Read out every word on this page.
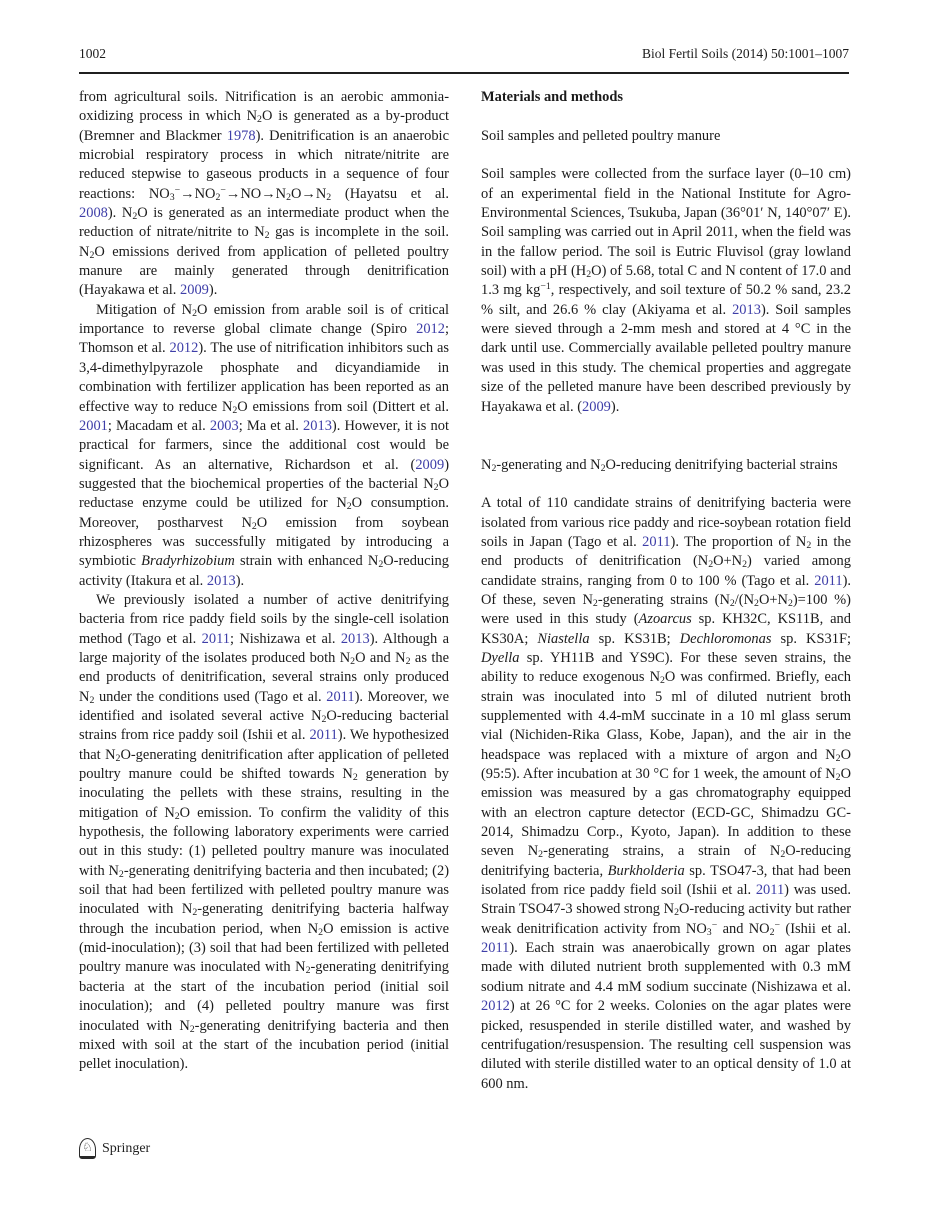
1002	Biol Fertil Soils (2014) 50:1001–1007

from agricultural soils. Nitrification is an aerobic ammonia-oxidizing process in which $N_2O$ is generated as a by-product (Bremner and Blackmer 1978). Denitrification is an anaerobic microbial respiratory process in which nitrate/nitrite are reduced stepwise to gaseous products in a sequence of four reactions: $NO_3^-\to NO_2^-\to NO\to N_2O\to N_2$ (Hayatsu et al. 2008). $N_2O$ is generated as an intermediate product when the reduction of nitrate/nitrite to $N_2$ gas is incomplete in the soil. $N_2O$ emissions derived from application of pelleted poultry manure are mainly generated through denitrification (Hayakawa et al. 2009).

Mitigation of $N_2O$ emission from arable soil is of critical importance to reverse global climate change (Spiro 2012; Thomson et al. 2012). The use of nitrification inhibitors such as 3,4-dimethylpyrazole phosphate and dicyandiamide in combination with fertilizer application has been reported as an effective way to reduce $N_2O$ emissions from soil (Dittert et al. 2001; Macadam et al. 2003; Ma et al. 2013). However, it is not practical for farmers, since the additional cost would be significant. As an alternative, Richardson et al. (2009) suggested that the biochemical properties of the bacterial $N_2O$ reductase enzyme could be utilized for $N_2O$ consumption. Moreover, postharvest $N_2O$ emission from soybean rhizospheres was successfully mitigated by introducing a symbiotic Bradyrhizobium strain with enhanced $N_2O$-reducing activity (Itakura et al. 2013).

We previously isolated a number of active denitrifying bacteria from rice paddy field soils by the single-cell isolation method (Tago et al. 2011; Nishizawa et al. 2013). Although a large majority of the isolates produced both $N_2O$ and $N_2$ as the end products of denitrification, several strains only produced $N_2$ under the conditions used (Tago et al. 2011). Moreover, we identified and isolated several active $N_2O$-reducing bacterial strains from rice paddy soil (Ishii et al. 2011). We hypothesized that $N_2O$-generating denitrification after application of pelleted poultry manure could be shifted towards $N_2$ generation by inoculating the pellets with these strains, resulting in the mitigation of $N_2O$ emission. To confirm the validity of this hypothesis, the following laboratory experiments were carried out in this study: (1) pelleted poultry manure was inoculated with $N_2$-generating denitrifying bacteria and then incubated; (2) soil that had been fertilized with pelleted poultry manure was inoculated with $N_2$-generating denitrifying bacteria halfway through the incubation period, when $N_2O$ emission is active (mid-inoculation); (3) soil that had been fertilized with pelleted poultry manure was inoculated with $N_2$-generating denitrifying bacteria at the start of the incubation period (initial soil inoculation); and (4) pelleted poultry manure was first inoculated with $N_2$-generating denitrifying bacteria and then mixed with soil at the start of the incubation period (initial pellet inoculation).

Materials and methods
Soil samples and pelleted poultry manure

Soil samples were collected from the surface layer (0–10 cm) of an experimental field in the National Institute for Agro-Environmental Sciences, Tsukuba, Japan (36°01′ N, 140°07′ E). Soil sampling was carried out in April 2011, when the field was in the fallow period. The soil is Eutric Fluvisol (gray lowland soil) with a pH $(H_2O)$ of 5.68, total C and N content of 17.0 and 1.3 mg $kg^{-1}$, respectively, and soil texture of 50.2 % sand, 23.2 % silt, and 26.6 % clay (Akiyama et al. 2013). Soil samples were sieved through a 2-mm mesh and stored at 4 °C in the dark until use. Commercially available pelleted poultry manure was used in this study. The chemical properties and aggregate size of the pelleted manure have been described previously by Hayakawa et al. (2009).

$N_2$-generating and $N_2O$-reducing denitrifying bacterial strains

A total of 110 candidate strains of denitrifying bacteria were isolated from various rice paddy and rice-soybean rotation field soils in Japan (Tago et al. 2011). The proportion of $N_2$ in the end products of denitrification $(N_2O+N_2)$ varied among candidate strains, ranging from 0 to 100 % (Tago et al. 2011). Of these, seven $N_2$-generating strains ($N_2/(N_2O+N_2)=100$ %) were used in this study (Azoarcus sp. KH32C, KS11B, and KS30A; Niastella sp. KS31B; Dechloromonas sp. KS31F; Dyella sp. YH11B and YS9C). For these seven strains, the ability to reduce exogenous $N_2O$ was confirmed. Briefly, each strain was inoculated into 5 ml of diluted nutrient broth supplemented with 4.4-mM succinate in a 10 ml glass serum vial (Nichiden-Rika Glass, Kobe, Japan), and the air in the headspace was replaced with a mixture of argon and $N_2O$ (95:5). After incubation at 30 °C for 1 week, the amount of $N_2O$ emission was measured by a gas chromatography equipped with an electron capture detector (ECD-GC, Shimadzu GC-2014, Shimadzu Corp., Kyoto, Japan). In addition to these seven $N_2$-generating strains, a strain of $N_2O$-reducing denitrifying bacteria, Burkholderia sp. TSO47-3, that had been isolated from rice paddy field soil (Ishii et al. 2011) was used. Strain TSO47-3 showed strong $N_2O$-reducing activity but rather weak denitrification activity from $NO_3^-$ and $NO_2^-$ (Ishii et al. 2011). Each strain was anaerobically grown on agar plates made with diluted nutrient broth supplemented with 0.3 mM sodium nitrate and 4.4 mM sodium succinate (Nishizawa et al. 2012) at 26 °C for 2 weeks. Colonies on the agar plates were picked, resuspended in sterile distilled water, and washed by centrifugation/resuspension. The resulting cell suspension was diluted with sterile distilled water to an optical density of 1.0 at 600 nm.

♘ Springer
